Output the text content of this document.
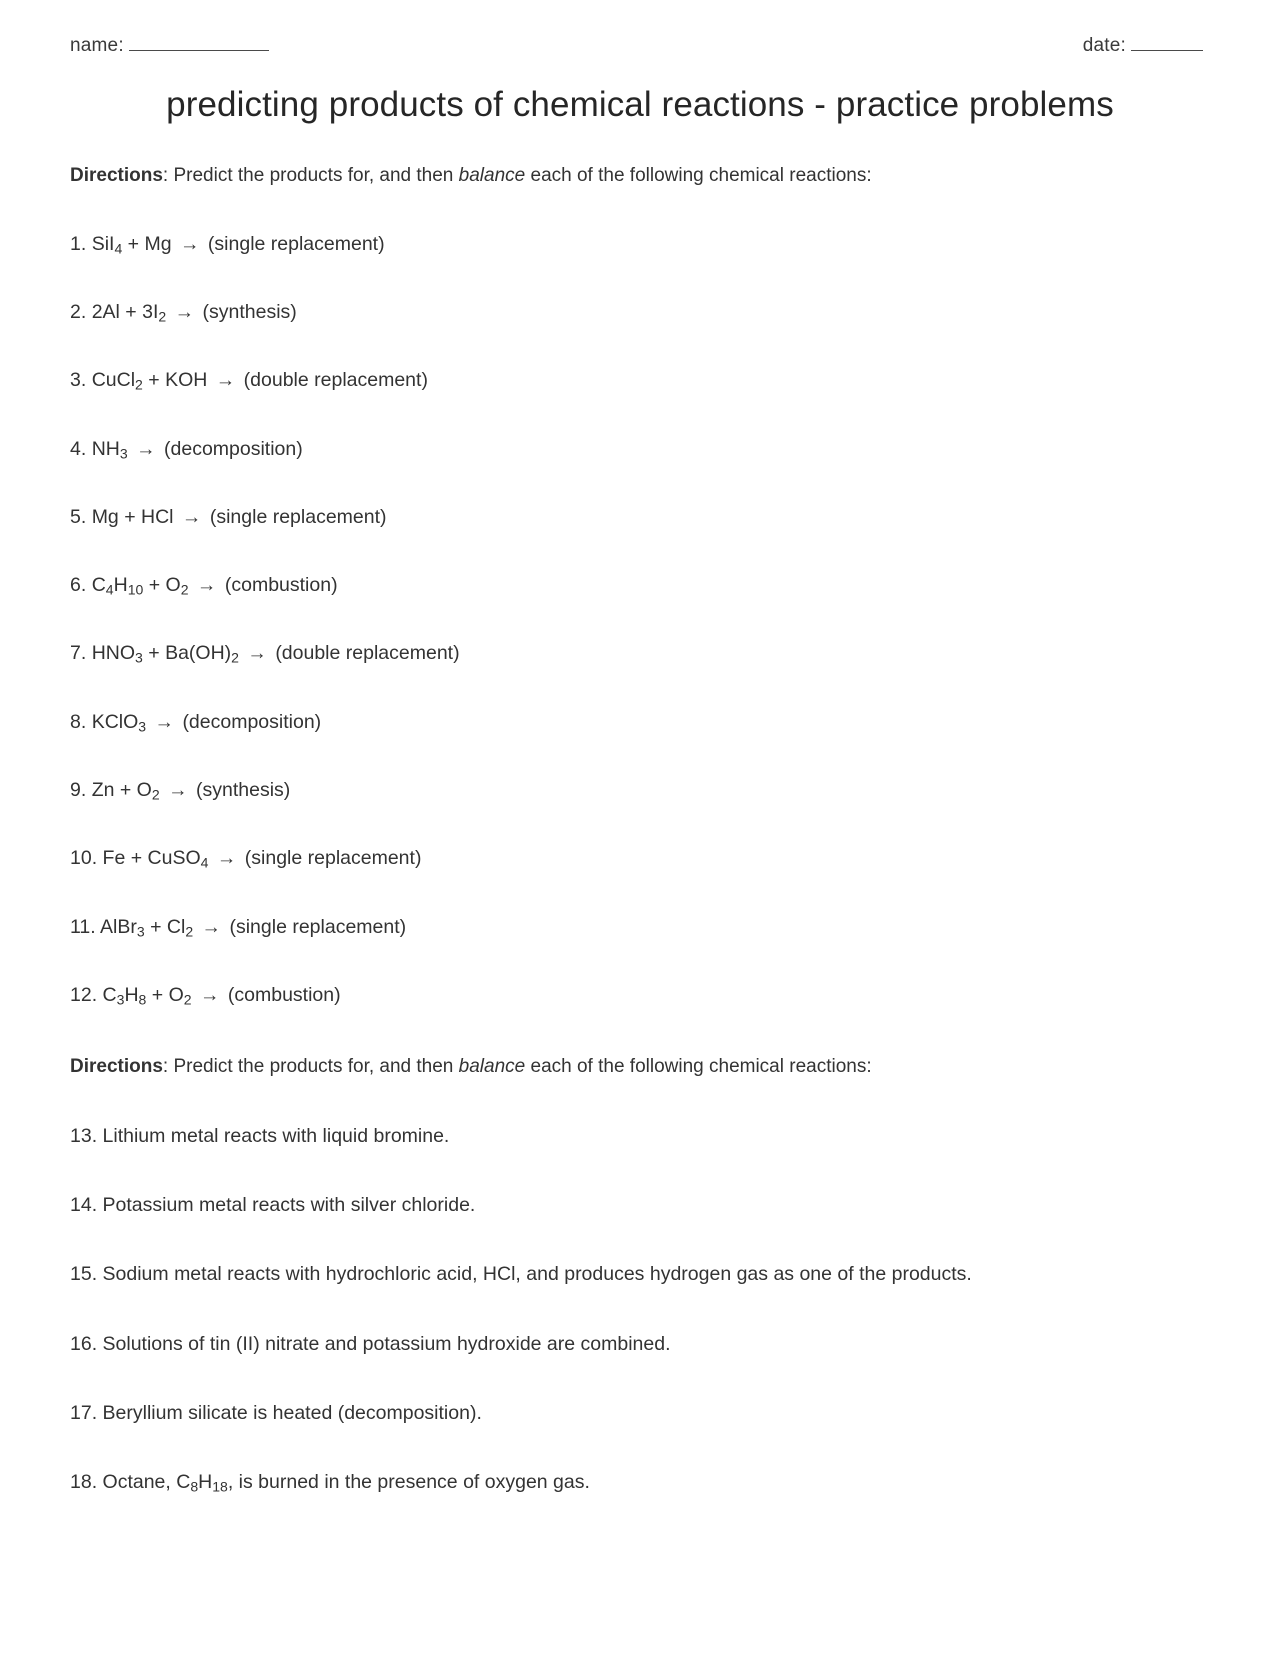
name:	date:
predicting products of chemical reactions - practice problems

Directions: Predict the products for, and then balance each of the following chemical reactions:

1. SiI$_4$ + Mg → (single replacement)
2. $2Al + 3I_2$ → (synthesis)
3. CuCl$_2$ + KOH → (double replacement)
4. $NH_3$ → (decomposition)
5. Mg + HCl → (single replacement)
6. $C_4H_{10} + O_2$ → (combustion)
7. $HNO_3 + Ba(OH)_2$ → (double replacement)
8. KClO$_3$ → (decomposition)
9. $Zn + O_2$ → (synthesis)
10. Fe + CuSO$_4$ → (single replacement)
11. AlBr$_3$ + $Cl_2$ → (single replacement)
12. $C_3H_8 + O_2$ → (combustion)

Directions: Predict the products for, and then balance each of the following chemical reactions:

13. Lithium metal reacts with liquid bromine.
14. Potassium metal reacts with silver chloride.
15. Sodium metal reacts with hydrochloric acid, HCl, and produces hydrogen gas as one of the products.
16. Solutions of tin (II) nitrate and potassium hydroxide are combined.
17. Beryllium silicate is heated (decomposition).
18. Octane, $C_8H_{18}$, is burned in the presence of oxygen gas.
